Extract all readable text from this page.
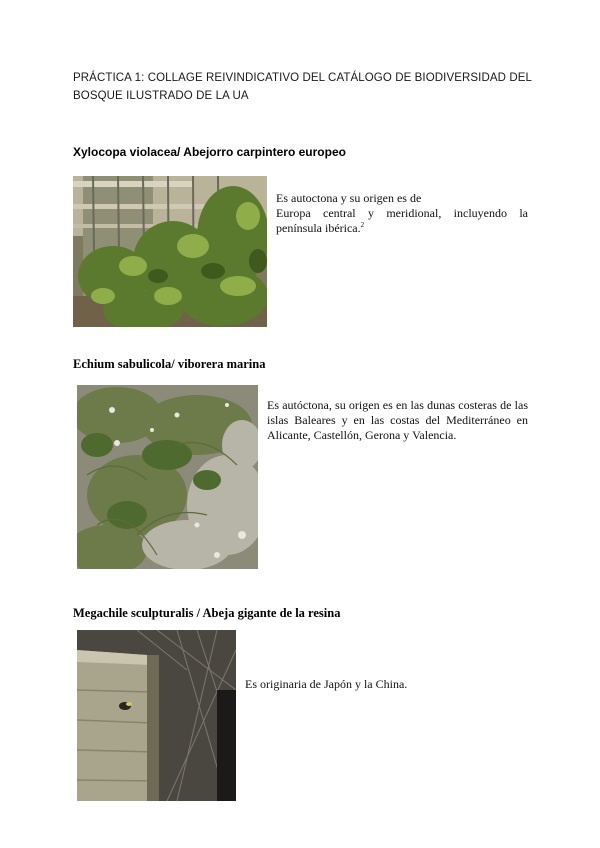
PRÁCTICA 1: COLLAGE REIVINDICATIVO DEL CATÁLOGO DE BIODIVERSIDAD DEL BOSQUE ILUSTRADO DE LA UA
Xylocopa violacea/ Abejorro carpintero europeo
Es autoctona y su origen es de

Europa central y meridional, incluyendo la
península ibérica.$^2$
Echium sabulicola/ viborera marina
Es autóctona, su origen es en las dunas costeras de las islas Baleares y en las costas del Mediterráneo en Alicante, Castellón, Gerona y Valencia.
Megachile sculpturalis / Abeja gigante de la resina
Es originaria de Japón y la China.
